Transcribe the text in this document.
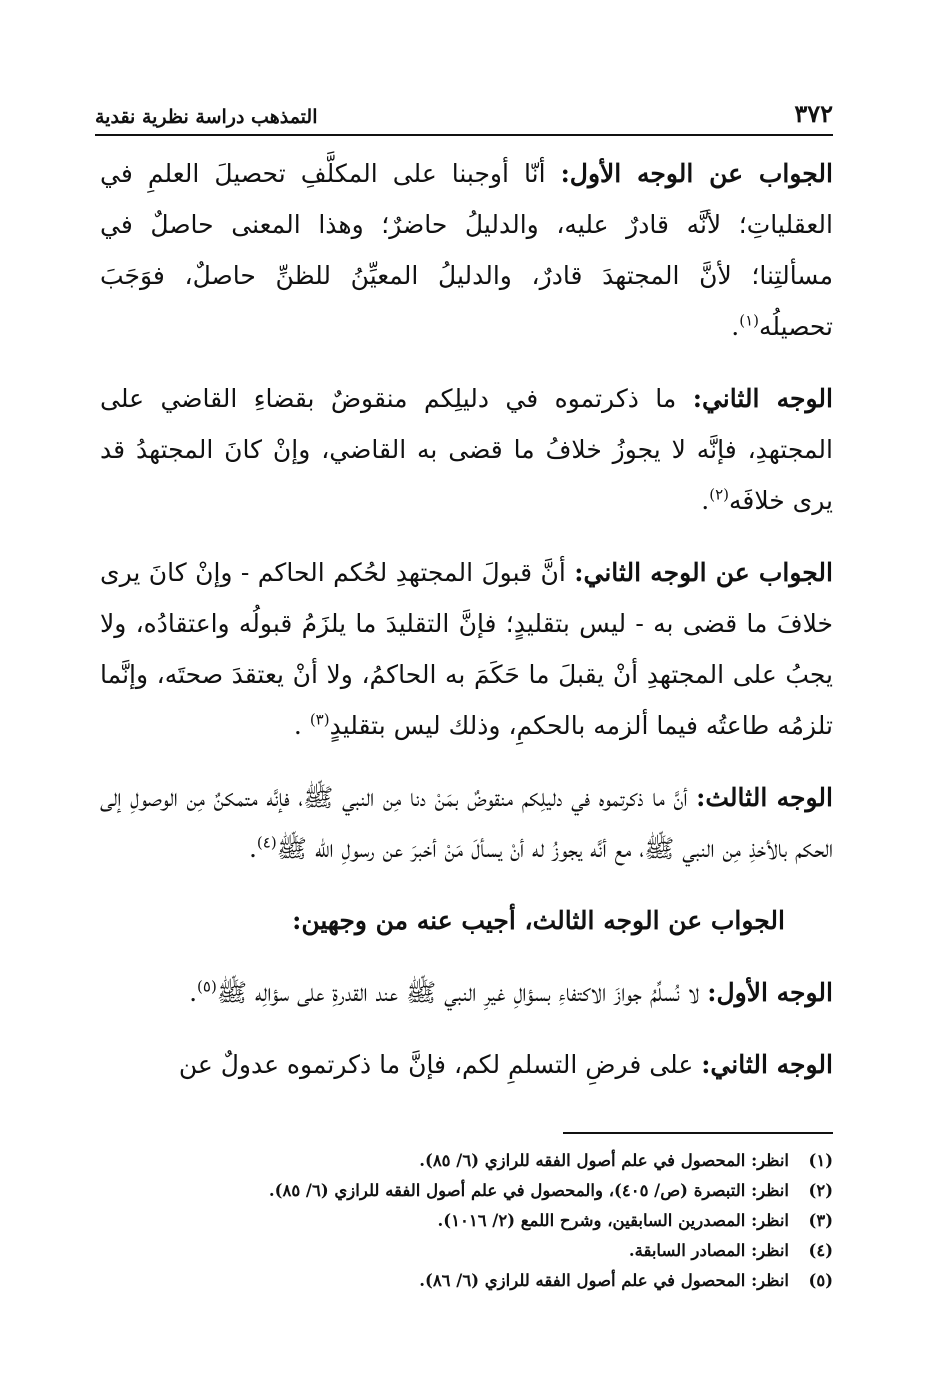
٣٧٢
التمذهب دراسة نظرية نقدية

الجواب عن الوجه الأول: أنّا أوجبنا على المكلَّفِ تحصيلَ العلمِ في العقلياتِ؛ لأنَّه قادرٌ عليه، والدليلُ حاضرٌ؛ وهذا المعنى حاصلٌ في مسألتِنا؛ لأنَّ المجتهدَ قادرٌ، والدليلُ المعيِّنُ للظنِّ حاصلٌ، فوَجَبَ تحصيلُه$^{(١)}$.

الوجه الثاني: ما ذكرتموه في دليلِكم منقوضٌ بقضاءِ القاضي على المجتهدِ، فإنَّه لا يجوزُ خلافُ ما قضى به القاضي، وإنْ كانَ المجتهدُ قد يرى خلافَه$^{(٢)}$.

الجواب عن الوجه الثاني: أنَّ قبولَ المجتهدِ لحُكم الحاكم - وإنْ كانَ يرى خلافَ ما قضى به - ليس بتقليدٍ؛ فإنَّ التقليدَ ما يلزَمُ قبولُه واعتقادُه، ولا يجبُ على المجتهدِ أنْ يقبلَ ما حَكَمَ به الحاكمُ، ولا أنْ يعتقدَ صحتَه، وإنَّما تلزمُه طاعتُه فيما ألزمه بالحكمِ، وذلك ليس بتقليدٍ$^{(٣)}$ .

الوجه الثالث: أنَّ ما ذكرتموه في دليلِكم منقوضٌ بمَنْ دنا مِن النبي ﷺ، فإنَّه متمكنٌ مِن الوصولِ إلى الحكم بالأخذِ مِن النبي ﷺ، مع أنَّه يجوزُ له أنْ يسألَ مَنْ أخبرَ عن رسولِ الله ﷺ$^{(٤)}$.

الجواب عن الوجه الثالث، أجيب عنه من وجهين:

الوجه الأول: لا نُسلِّمُ جوازَ الاكتفاءِ بسؤالِ غيرِ النبي ﷺ عند القدرةِ على سؤالِه ﷺ$^{(٥)}$.

الوجه الثاني: على فرضِ التسلمِ لكم، فإنَّ ما ذكرتموه عدولٌ عن

(١)
انظر: المحصول في علم أصول الفقه للرازي (٦/ ٨٥).
(٢)
انظر: التبصرة (ص/ ٤٠٥)، والمحصول في علم أصول الفقه للرازي (٦/ ٨٥).
(٣)
انظر: المصدرين السابقين، وشرح اللمع (٢/ ١٠١٦).
(٤)
انظر: المصادر السابقة.
(٥)
انظر: المحصول في علم أصول الفقه للرازي (٦/ ٨٦).
